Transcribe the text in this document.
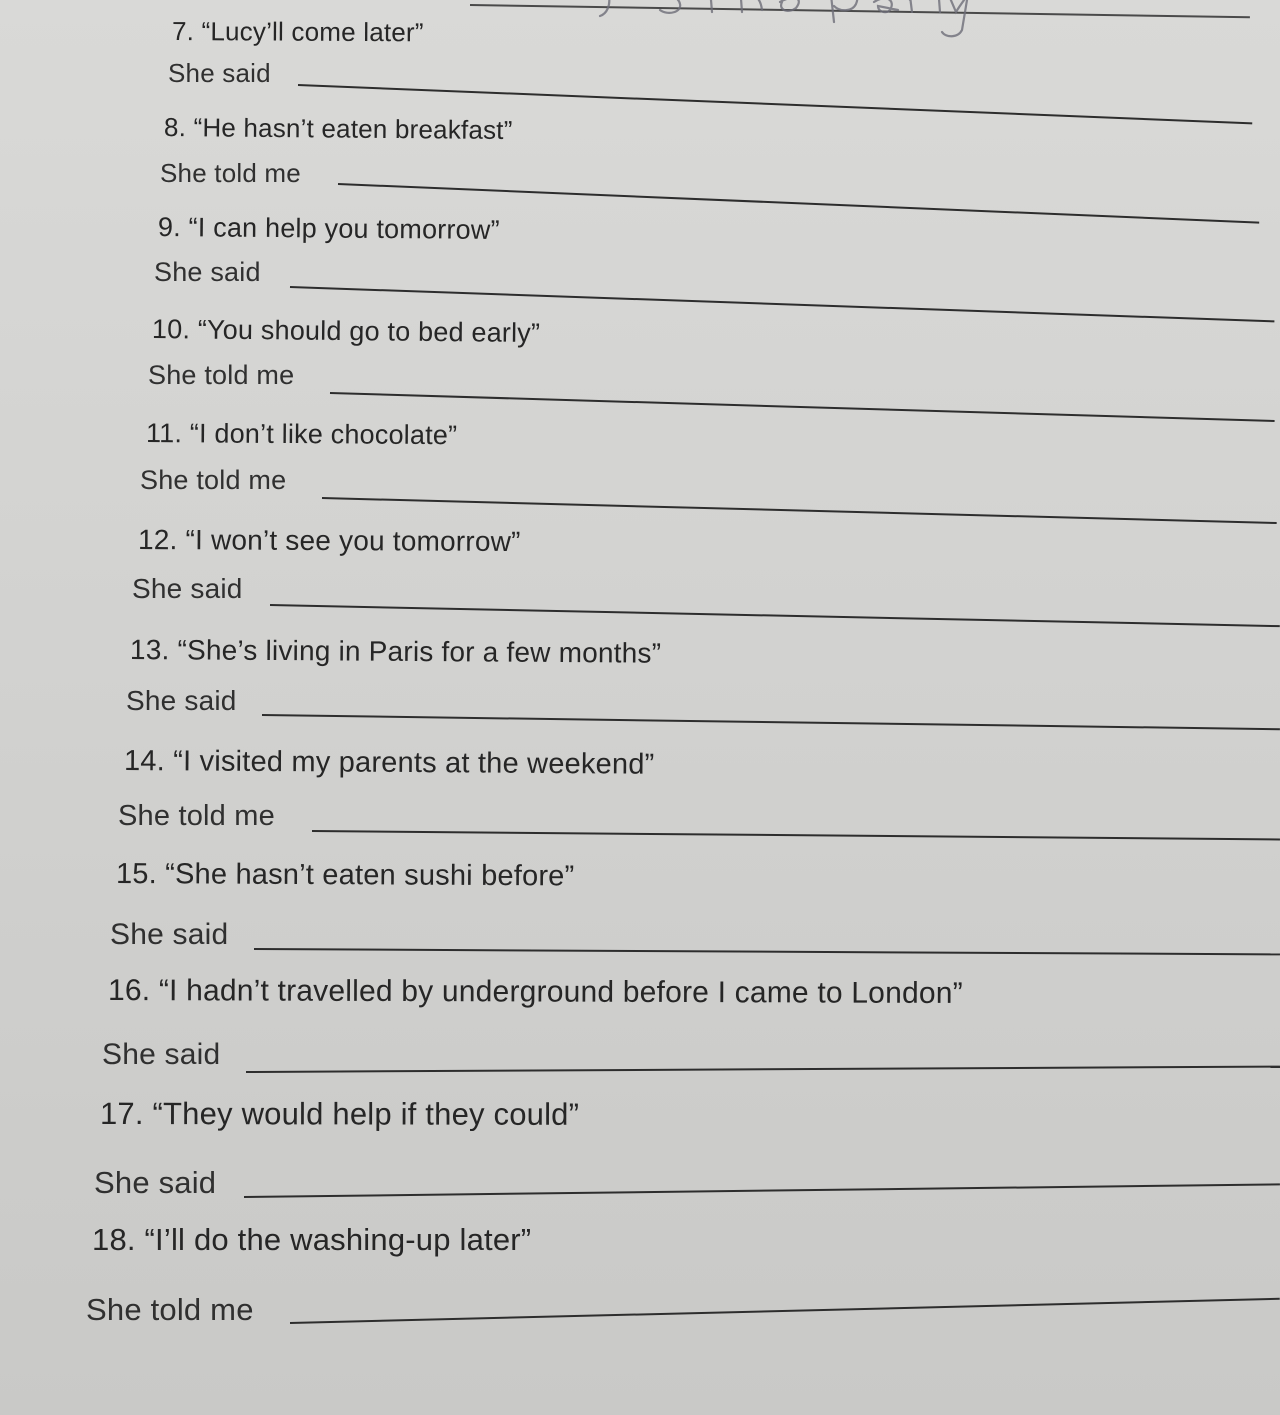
the party
7. “Lucy’ll come later”
She said
8. “He hasn’t eaten breakfast”
She told me
9. “I can help you tomorrow”
She said
10. “You should go to bed early”
She told me
11. “I don’t like chocolate”
She told me
12. “I won’t see you tomorrow”
She said
13. “She’s living in Paris for a few months”
She said
14. “I visited my parents at the weekend”
She told me
15. “She hasn’t eaten sushi before”
She said
16. “I hadn’t travelled by underground before I came to London”
She said
17. “They would help if they could”
She said
18. “I’ll do the washing-up later”
She told me
